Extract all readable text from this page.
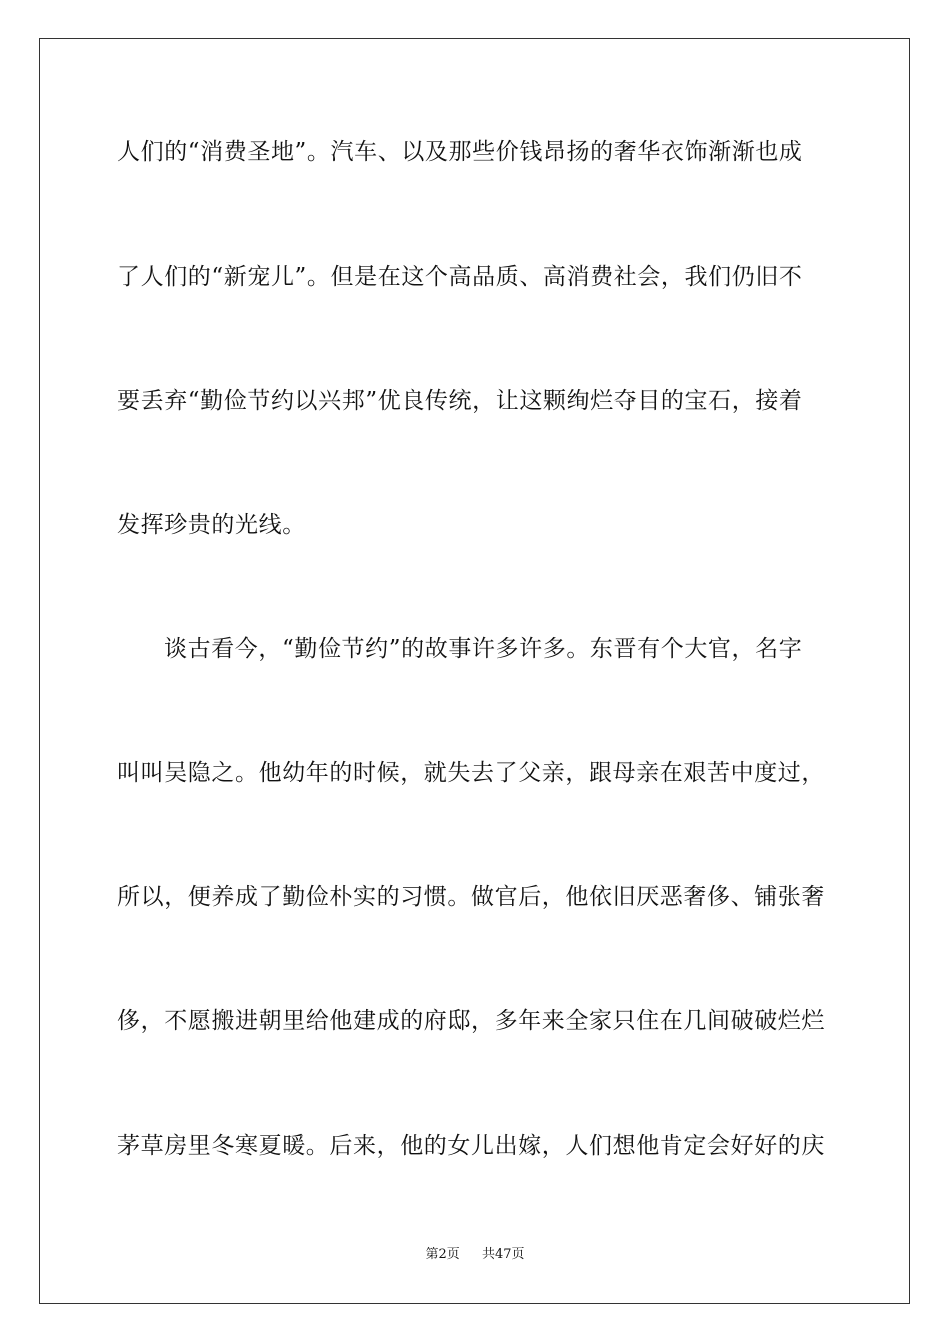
人们的“消费圣地”。汽车、以及那些价钱昂扬的奢华衣饰渐渐也成
了人们的“新宠儿”。但是在这个高品质、高消费社会，我们仍旧不
要丢弃“勤俭节约以兴邦”优良传统，让这颗绚烂夺目的宝石，接着
发挥珍贵的光线。
谈古看今，“勤俭节约”的故事许多许多。东晋有个大官，名字
叫叫吴隐之。他幼年的时候，就失去了父亲，跟母亲在艰苦中度过，
所以，便养成了勤俭朴实的习惯。做官后，他依旧厌恶奢侈、铺张奢
侈，不愿搬进朝里给他建成的府邸，多年来全家只住在几间破破烂烂
茅草房里冬寒夏暖。后来，他的女儿出嫁，人们想他肯定会好好的庆
第2页 共47页
